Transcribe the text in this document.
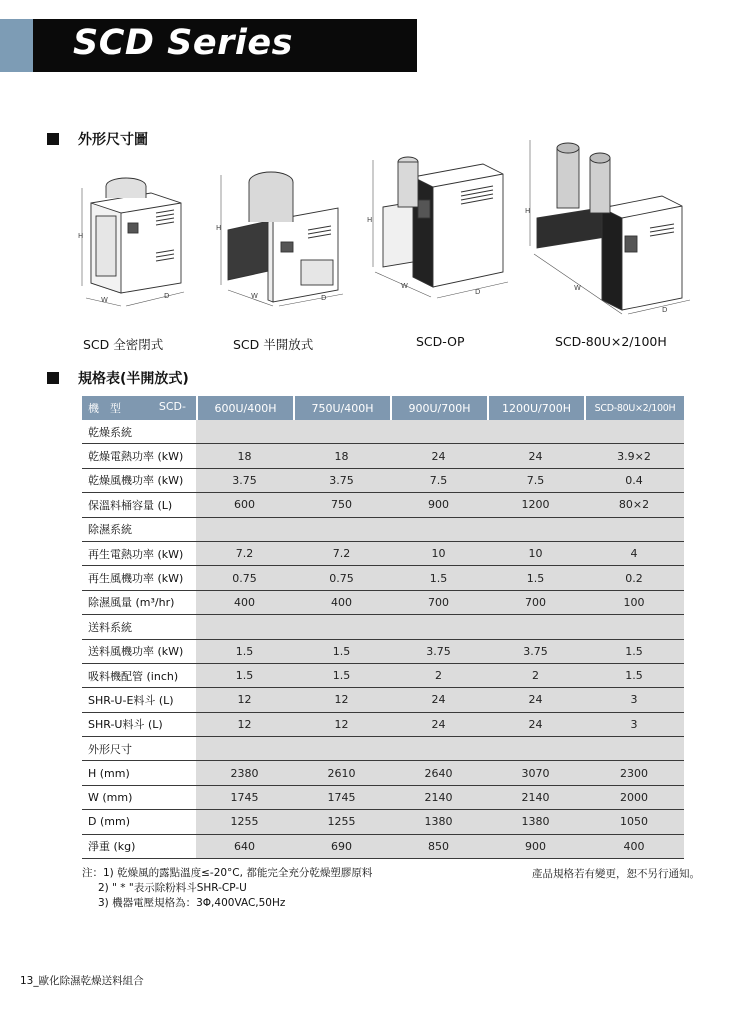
SCD Series
外形尺寸圖
H
W	D
H
W	D
H
W
D
H
W
D
SCD 全密閉式	SCD 半開放式	SCD-OP	SCD-80U×2/100H
規格表(半開放式)
機　型 SCD-	600U/400H	750U/400H	900U/700H	1200U/700H	SCD-80U×2/100H
乾燥系統					
乾燥電熱功率 (kW)	18	18	24	24	3.9×2
乾燥風機功率 (kW)	3.75	3.75	7.5	7.5	0.4
保溫料桶容量 (L)	600	750	900	1200	80×2
除濕系統					
再生電熱功率 (kW)	7.2	7.2	10	10	4
再生風機功率 (kW)	0.75	0.75	1.5	1.5	0.2
除濕風量 (m³/hr)	400	400	700	700	100
送料系統					
送料風機功率 (kW)	1.5	1.5	3.75	3.75	1.5
吸料機配管 (inch)	1.5	1.5	2	2	1.5
SHR-U-E料斗 (L)	12	12	24	24	3
SHR-U料斗 (L)	12	12	24	24	3
外形尺寸					
H (mm)	2380	2610	2640	3070	2300
W (mm)	1745	1745	2140	2140	2000
D (mm)	1255	1255	1380	1380	1050
淨重 (kg)	640	690	850	900	400
注：1) 乾燥風的露點溫度≤-20°C, 都能完全充分乾燥塑膠原料
2) " * "表示除粉料斗SHR-CP-U
3) 機器電壓規格為：3Φ,400VAC,50Hz
產品規格若有變更，恕不另行通知。
13_歐化除濕乾燥送料組合
